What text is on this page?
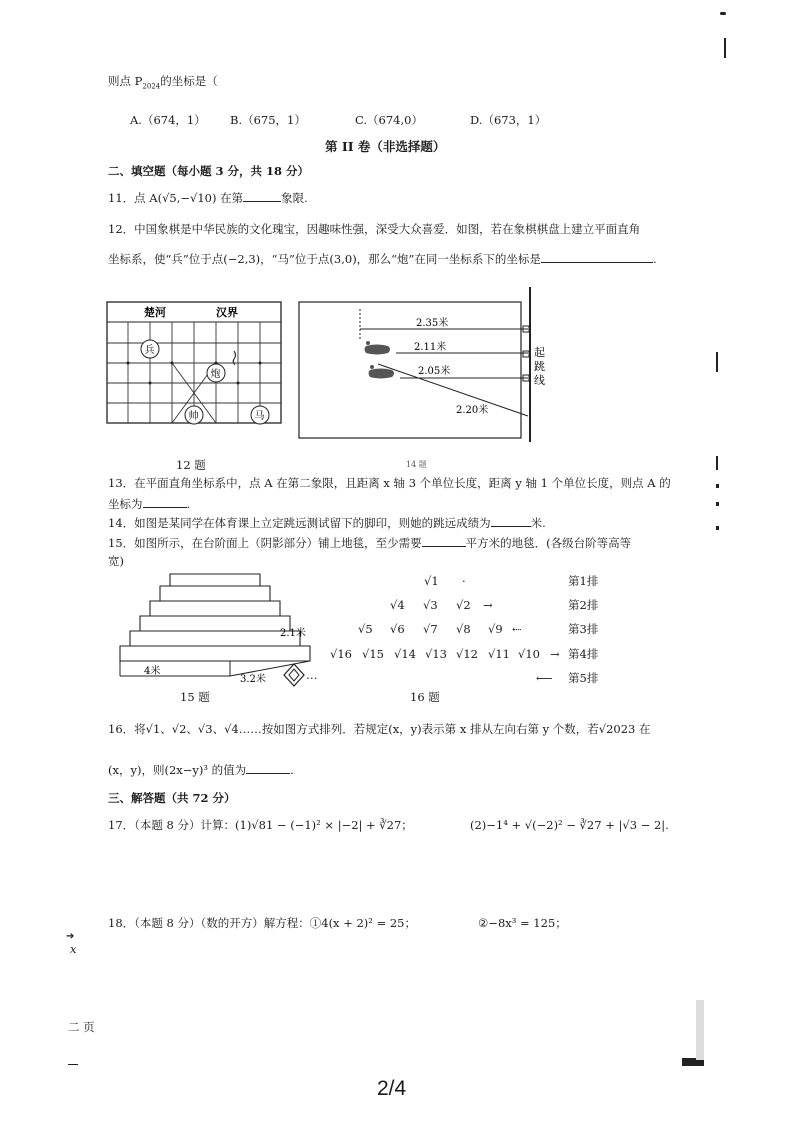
则点 $P_{2024}$的坐标是（
A.（674，1） B.（675，1）	C.（674,0）	D.（673，1）
第 II 卷（非选择题）
二、填空题（每小题 3 分，共 18 分）
11．点 A(√5,−√10) 在第	象限.
12．中国象棋是中华民族的文化瑰宝，因趣味性强，深受大众喜爱．如图，若在象棋棋盘上建立平面直角
坐标系，使“兵”位于点(−2,3)，“马”位于点(3,0)，那么“炮”在同一坐标系下的坐标是	.
楚河	汉界
兵
炮
帅	马
12 题
2.35米
2.11米
2.05米
2.20米
起 跳 线
14 题
13．在平面直角坐标系中，点 A 在第二象限，且距离 x 轴 3 个单位长度，距离 y 轴 1 个单位长度，则点 A 的
坐标为	.
14．如图是某同学在体育课上立定跳远测试留下的脚印，则她的跳远成绩为	米.
15．如图所示，在台阶面上（阴影部分）铺上地毯，至少需要	平方米的地毯．(各级台阶等高等
宽)
2.1米
4米
3.2米	…
15 题
√1 ·	第1排
√4 √3 √2 →	第2排
√5 √6 √7 √8 √9 ⇠	第3排
√16 √15 √14 √13 √12 √11 √10 → 第4排
⟵ 第5排
16 题
16．将√1、√2、√3、√4……按如图方式排列．若规定(x，y)表示第 x 排从左向右第 y 个数，若√2023 在
(x，y)，则(2x−y)³ 的值为	.
三、解答题（共 72 分）
17．（本题 8 分）计算：(1)√81 − (−1)² × |−2| + ∛27；	(2)−1⁴ + √(−2)² − ∛27 + |√3 − 2|.
18．（本题 8 分）（数的开方）解方程：①4(x + 2)² = 25；	②−8x³ = 125；
➔
x
二 页
2/4
